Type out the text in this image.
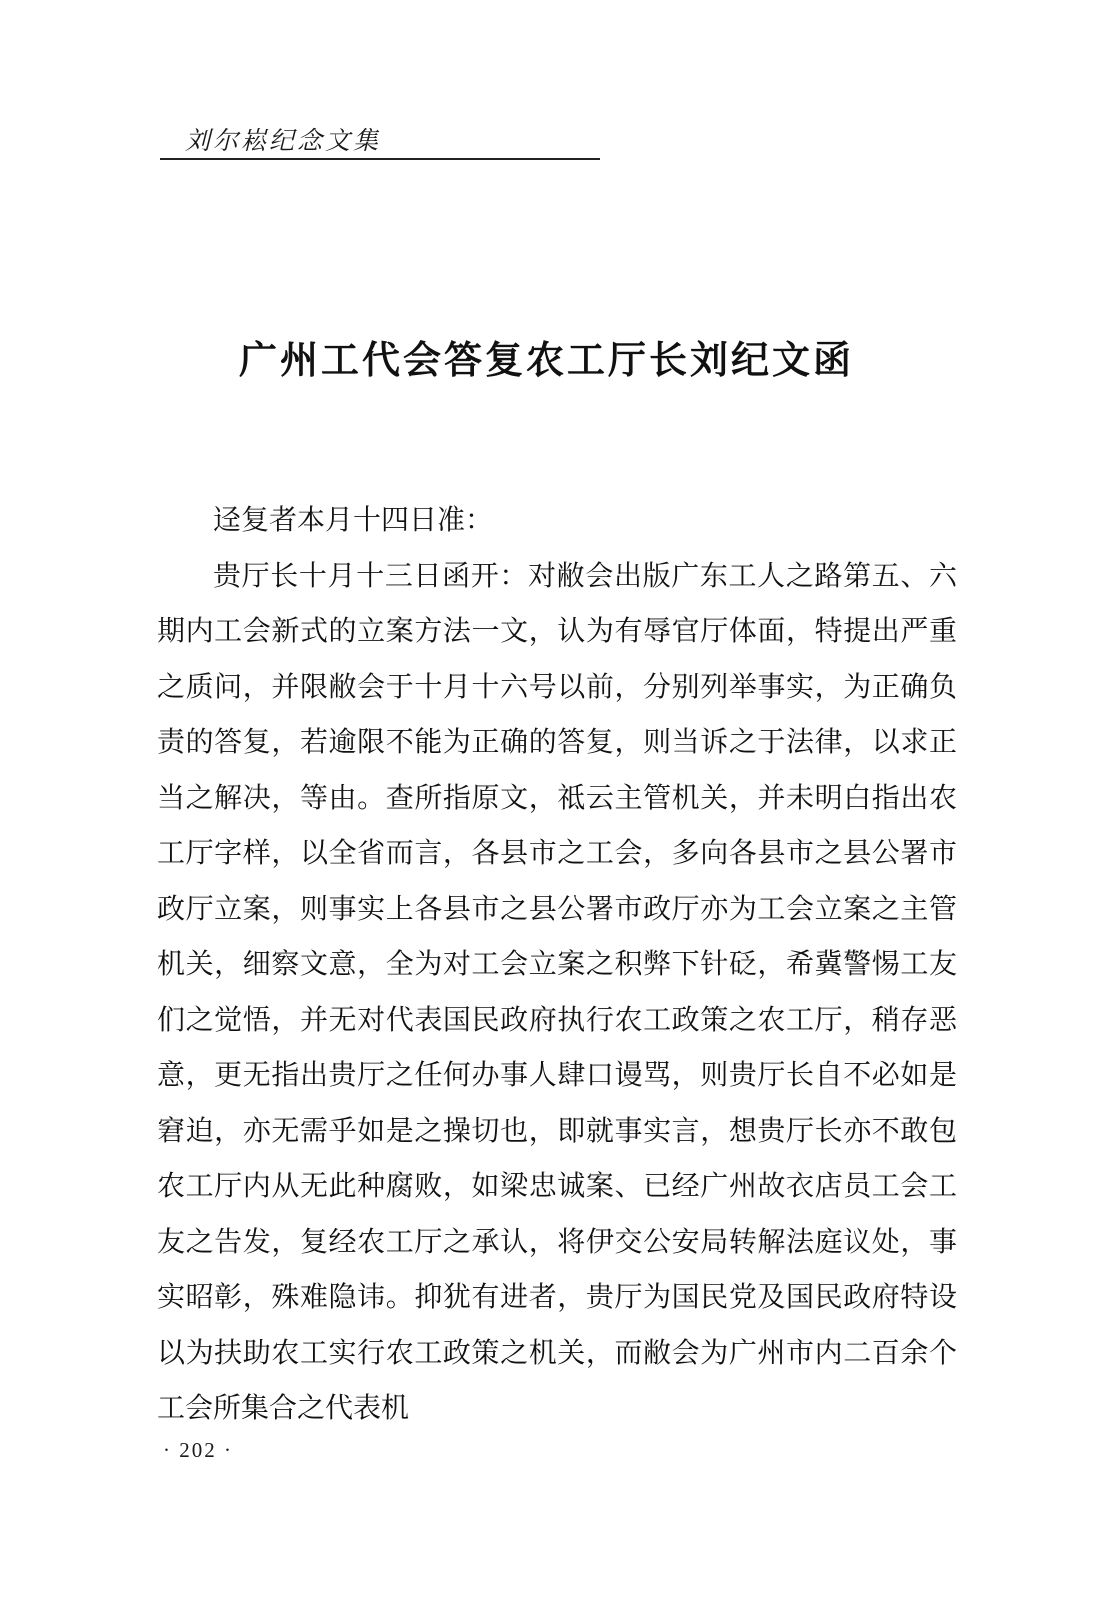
刘尔崧纪念文集
广州工代会答复农工厅长刘纪文函

迳复者本月十四日准：

贵厅长十月十三日函开：对敝会出版广东工人之路第五、六期内工会新式的立案方法一文，认为有辱官厅体面，特提出严重之质问，并限敝会于十月十六号以前，分别列举事实，为正确负责的答复，若逾限不能为正确的答复，则当诉之于法律，以求正当之解决，等由。查所指原文，祗云主管机关，并未明白指出农工厅字样，以全省而言，各县市之工会，多向各县市之县公署市政厅立案，则事实上各县市之县公署市政厅亦为工会立案之主管机关，细察文意，全为对工会立案之积弊下针砭，希冀警惕工友们之觉悟，并无对代表国民政府执行农工政策之农工厅，稍存恶意，更无指出贵厅之任何办事人肆口谩骂，则贵厅长自不必如是窘迫，亦无需乎如是之操切也，即就事实言，想贵厅长亦不敢包农工厅内从无此种腐败，如梁忠诚案、已经广州故衣店员工会工友之告发，复经农工厅之承认，将伊交公安局转解法庭议处，事实昭彰，殊难隐讳。抑犹有进者，贵厅为国民党及国民政府特设以为扶助农工实行农工政策之机关，而敝会为广州市内二百余个工会所集合之代表机

· 202 ·
